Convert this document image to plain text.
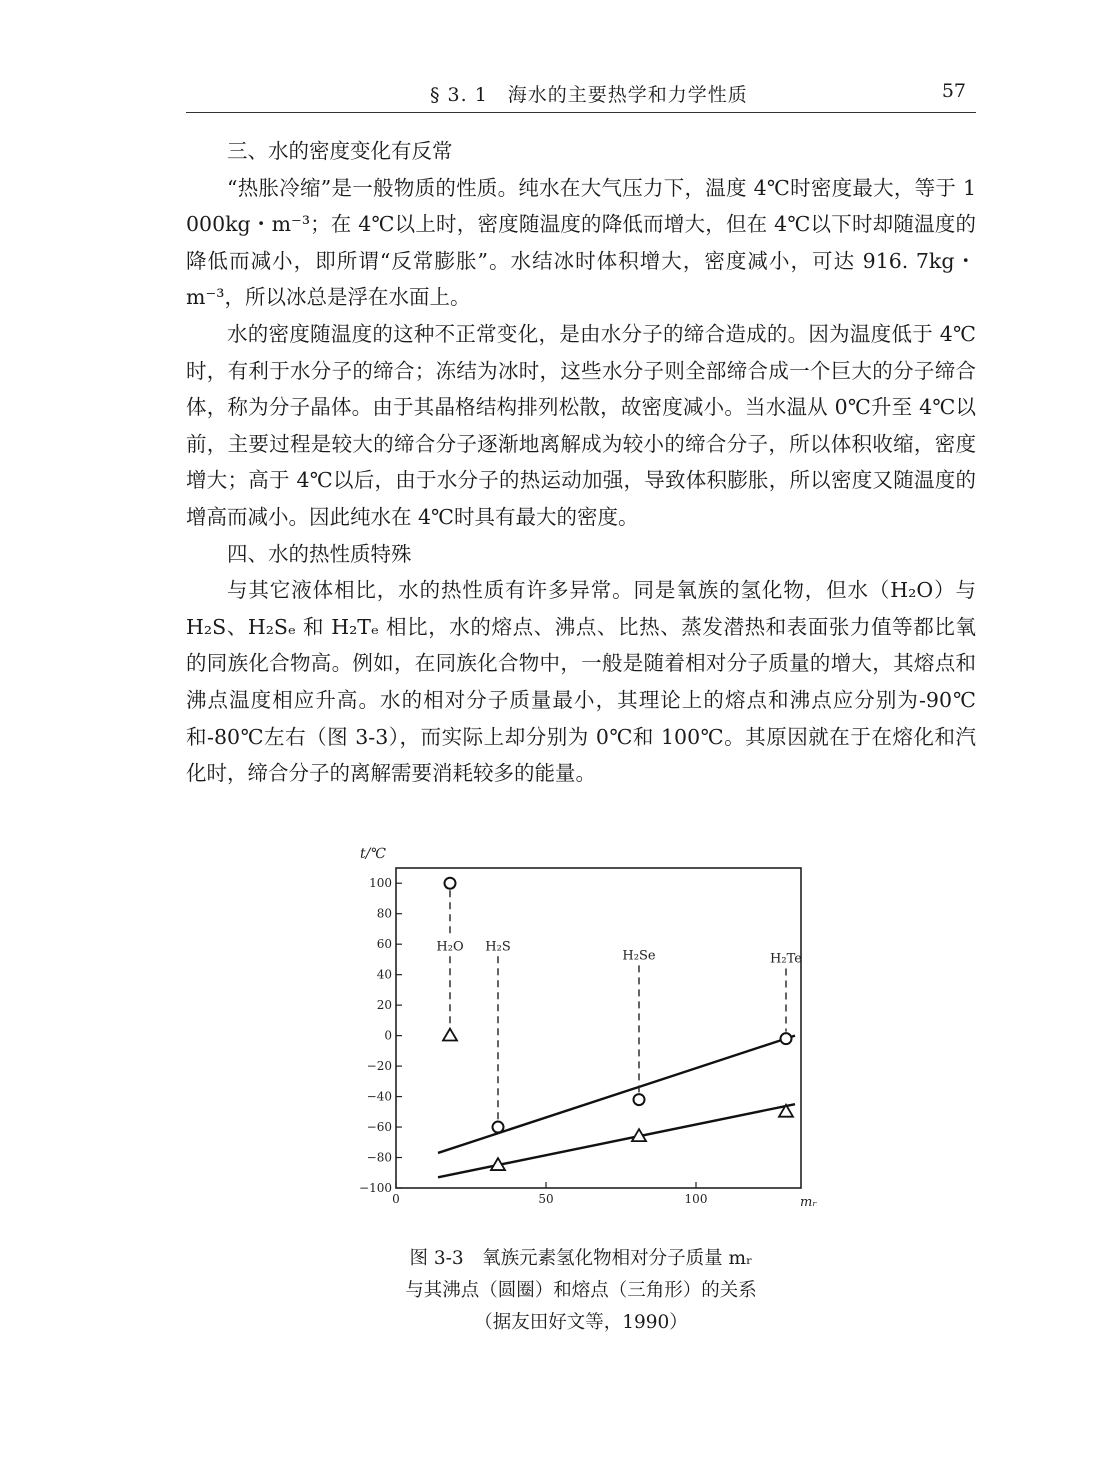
§ 3. 1　海水的主要热学和力学性质	57

三、水的密度变化有反常

“热胀冷缩”是一般物质的性质。纯水在大气压力下，温度 4℃时密度最大，等于 1 000kg・m⁻³；在 4℃以上时，密度随温度的降低而增大，但在 4℃以下时却随温度的降低而减小，即所谓“反常膨胀”。水结冰时体积增大，密度减小，可达 916. 7kg・m⁻³，所以冰总是浮在水面上。

水的密度随温度的这种不正常变化，是由水分子的缔合造成的。因为温度低于 4℃时，有利于水分子的缔合；冻结为冰时，这些水分子则全部缔合成一个巨大的分子缔合体，称为分子晶体。由于其晶格结构排列松散，故密度减小。当水温从 0℃升至 4℃以前，主要过程是较大的缔合分子逐渐地离解成为较小的缔合分子，所以体积收缩，密度增大；高于 4℃以后，由于水分子的热运动加强，导致体积膨胀，所以密度又随温度的增高而减小。因此纯水在 4℃时具有最大的密度。

四、水的热性质特殊

与其它液体相比，水的热性质有许多异常。同是氧族的氢化物，但水（H₂O）与 H₂S、H₂Sₑ 和 H₂Tₑ 相比，水的熔点、沸点、比热、蒸发潜热和表面张力值等都比氧的同族化合物高。例如，在同族化合物中，一般是随着相对分子质量的增大，其熔点和沸点温度相应升高。水的相对分子质量最小，其理论上的熔点和沸点应分别为-90℃和-80℃左右（图 3-3），而实际上却分别为 0℃和 100℃。其原因就在于在熔化和汽化时，缔合分子的离解需要消耗较多的能量。

t/℃
mᵣ
100
80
60
40
20
0
−20
−40
−60
−80
−100
0	50	100
H₂O H₂S
H₂Se	H₂Te
图 3-3　氧族元素氢化物相对分子质量 mᵣ
与其沸点（圆圈）和熔点（三角形）的关系
（据友田好文等，1990）
